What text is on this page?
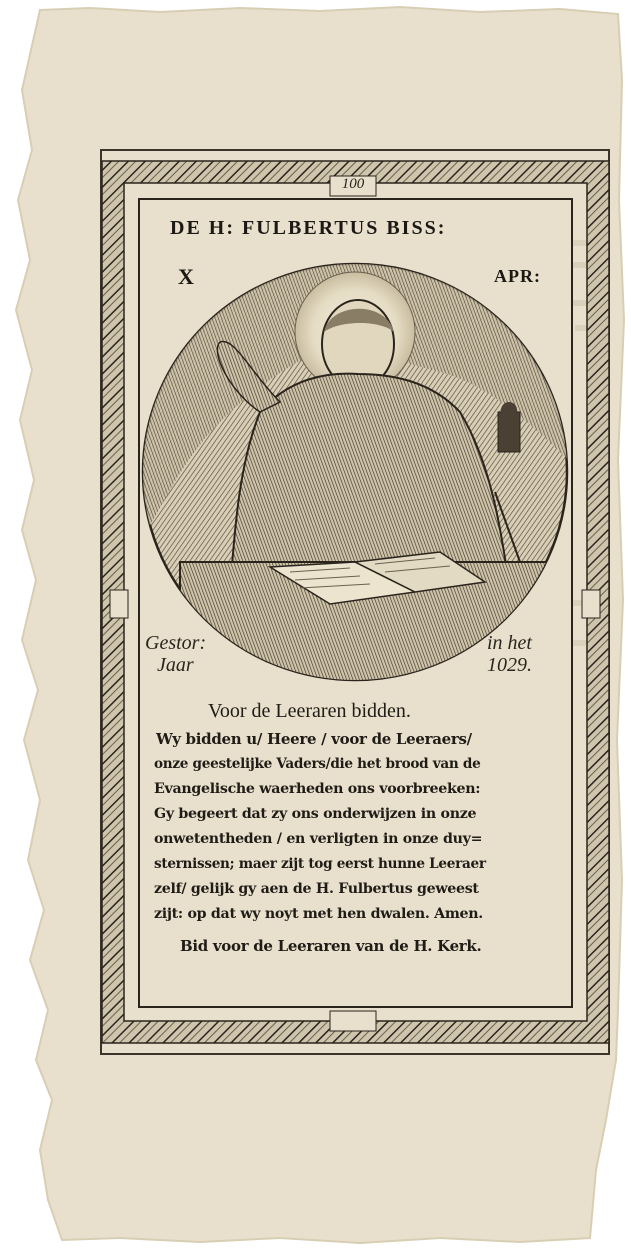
100
DE H: FULBERTUS BISS:
X	APR:
Gestor:
Jaar
in het
1029.
Voor de Leeraren bidden.
Wy bidden u/ Heere / voor de Leeraers/
onze geestelijke Vaders/die het brood van de
Evangelische waerheden ons voorbreeken:
Gy begeert dat zy ons onderwijzen in onze
onwetentheden / en verligten in onze duy=
sternissen; maer zijt tog eerst hunne Leeraer
zelf/ gelijk gy aen de H. Fulbertus geweest
zijt: op dat wy noyt met hen dwalen. Amen.
Bid voor de Leeraren van de H. Kerk.
